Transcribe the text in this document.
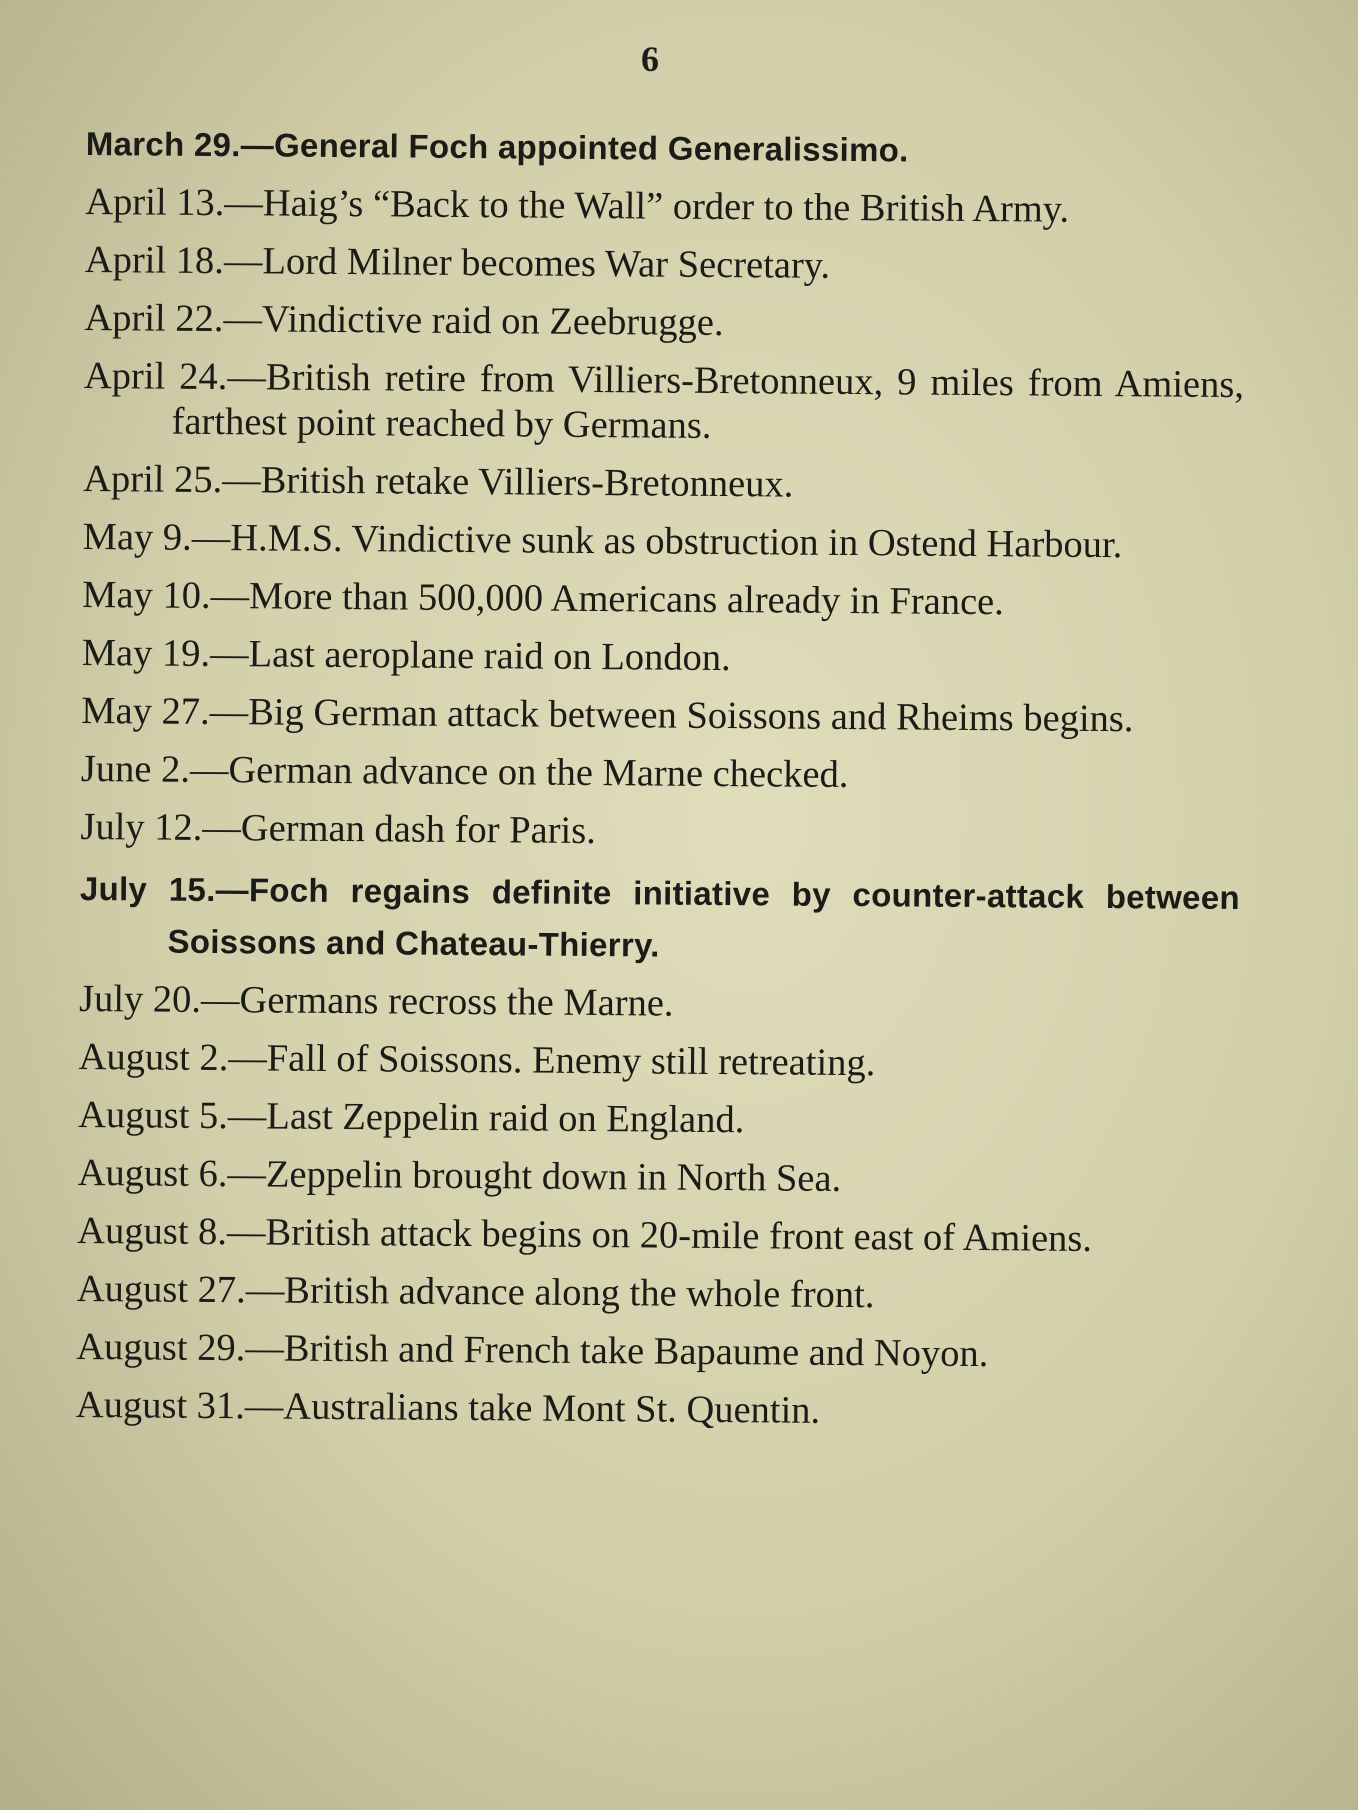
6

March 29.—General Foch appointed Generalissimo.

April 13.—Haig’s “Back to the Wall” order to the British Army.

April 18.—Lord Milner becomes War Secretary.

April 22.—Vindictive raid on Zeebrugge.

April 24.—British retire from Villiers-Bretonneux, 9 miles from Amiens, farthest point reached by Germans.

April 25.—British retake Villiers-Bretonneux.

May 9.—H.M.S. Vindictive sunk as obstruction in Ostend Harbour.

May 10.—More than 500,000 Americans already in France.

May 19.—Last aeroplane raid on London.

May 27.—Big German attack between Soissons and Rheims begins.

June 2.—German advance on the Marne checked.

July 12.—German dash for Paris.

July 15.—Foch regains definite initiative by counter-attack between Soissons and Chateau-Thierry.

July 20.—Germans recross the Marne.

August 2.—Fall of Soissons. Enemy still retreating.

August 5.—Last Zeppelin raid on England.

August 6.—Zeppelin brought down in North Sea.

August 8.—British attack begins on 20-mile front east of Amiens.

August 27.—British advance along the whole front.

August 29.—British and French take Bapaume and Noyon.

August 31.—Australians take Mont St. Quentin.
